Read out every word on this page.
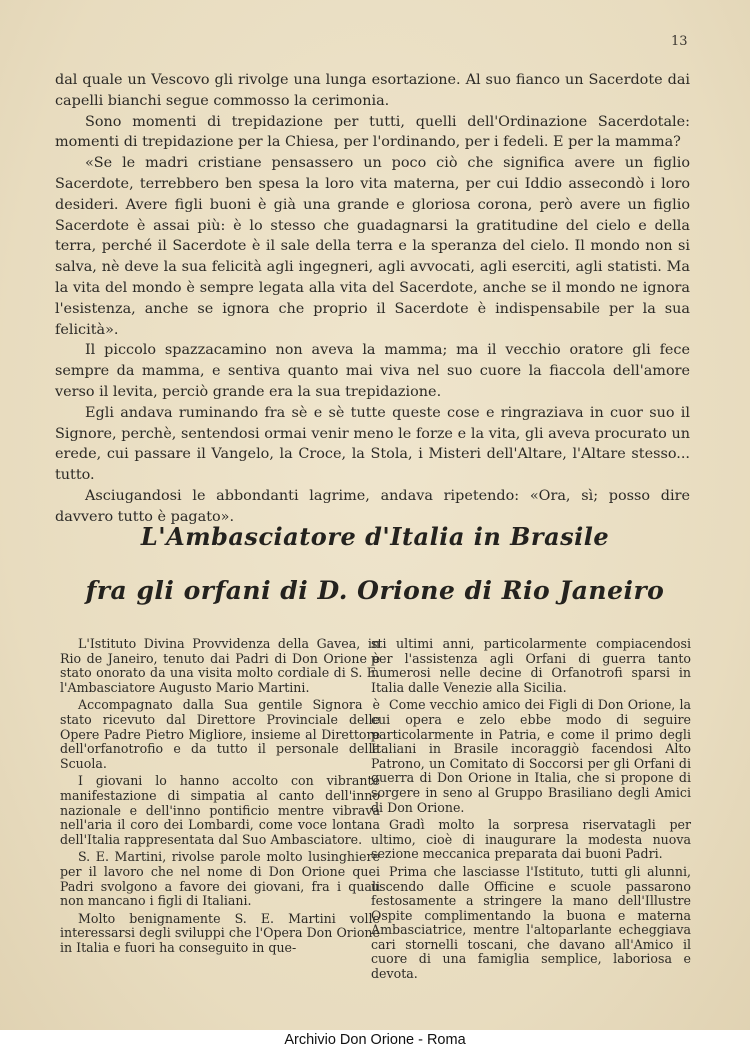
13

dal quale un Vescovo gli rivolge una lunga esortazione. Al suo fianco un Sacerdote dai capelli bianchi segue commosso la cerimonia.

Sono momenti di trepidazione per tutti, quelli dell'Ordinazione Sacerdotale: momenti di trepidazione per la Chiesa, per l'ordinando, per i fedeli. E per la mamma?

«Se le madri cristiane pensassero un poco ciò che significa avere un figlio Sacerdote, terrebbero ben spesa la loro vita materna, per cui Iddio assecondò i loro desideri. Avere figli buoni è già una grande e gloriosa corona, però avere un figlio Sacerdote è assai più: è lo stesso che guadagnarsi la gratitudine del cielo e della terra, perché il Sacerdote è il sale della terra e la speranza del cielo. Il mondo non si salva, nè deve la sua felicità agli ingegneri, agli avvocati, agli eserciti, agli statisti. Ma la vita del mondo è sempre legata alla vita del Sacerdote, anche se il mondo ne ignora l'esistenza, anche se ignora che proprio il Sacerdote è indispensabile per la sua felicità».

Il piccolo spazzacamino non aveva la mamma; ma il vecchio oratore gli fece sempre da mamma, e sentiva quanto mai viva nel suo cuore la fiaccola dell'amore verso il levita, perciò grande era la sua trepidazione.

Egli andava ruminando fra sè e sè tutte queste cose e ringraziava in cuor suo il Signore, perchè, sentendosi ormai venir meno le forze e la vita, gli aveva procurato un erede, cui passare il Vangelo, la Croce, la Stola, i Misteri dell'Altare, l'Altare stesso... tutto.

Asciugandosi le abbondanti lagrime, andava ripetendo: «Ora, sì; posso dire davvero tutto è pagato».

L'Ambasciatore d'Italia in Brasile
fra gli orfani di D. Orione di Rio Janeiro

L'Istituto Divina Provvidenza della Gavea, in Rio de Janeiro, tenuto dai Padri di Don Orione è stato onorato da una visita molto cordiale di S. E. l'Ambasciatore Augusto Mario Martini.

Accompagnato dalla Sua gentile Signora è stato ricevuto dal Direttore Provinciale delle Opere Padre Pietro Migliore, insieme al Direttore dell'orfanotrofio e da tutto il personale della Scuola.

I giovani lo hanno accolto con vibrante manifestazione di simpatia al canto dell'inno nazionale e dell'inno pontificio mentre vibrava nell'aria il coro dei Lombardi, come voce lontana dell'Italia rappresentata dal Suo Ambasciatore.

S. E. Martini, rivolse parole molto lusinghiere per il lavoro che nel nome di Don Orione quei Padri svolgono a favore dei giovani, fra i quali non mancano i figli di Italiani.

Molto benignamente S. E. Martini volle interessarsi degli sviluppi che l'Opera Don Orione in Italia e fuori ha conseguito in que-

sti ultimi anni, particolarmente compiacendosi per l'assistenza agli Orfani di guerra tanto numerosi nelle decine di Orfanotrofi sparsi in Italia dalle Venezie alla Sicilia.

Come vecchio amico dei Figli di Don Orione, la cui opera e zelo ebbe modo di seguire particolarmente in Patria, e come il primo degli Italiani in Brasile incoraggiò facendosi Alto Patrono, un Comitato di Soccorsi per gli Orfani di guerra di Don Orione in Italia, che si propone di sorgere in seno al Gruppo Brasiliano degli Amici di Don Orione.

Gradì molto la sorpresa riservatagli per ultimo, cioè di inaugurare la modesta nuova sezione meccanica preparata dai buoni Padri.

Prima che lasciasse l'Istituto, tutti gli alunni, uscendo dalle Officine e scuole passarono festosamente a stringere la mano dell'Illustre Ospite complimentando la buona e materna Ambasciatrice, mentre l'altoparlante echeggiava cari stornelli toscani, che davano all'Amico il cuore di una famiglia semplice, laboriosa e devota.

Archivio Don Orione - Roma
